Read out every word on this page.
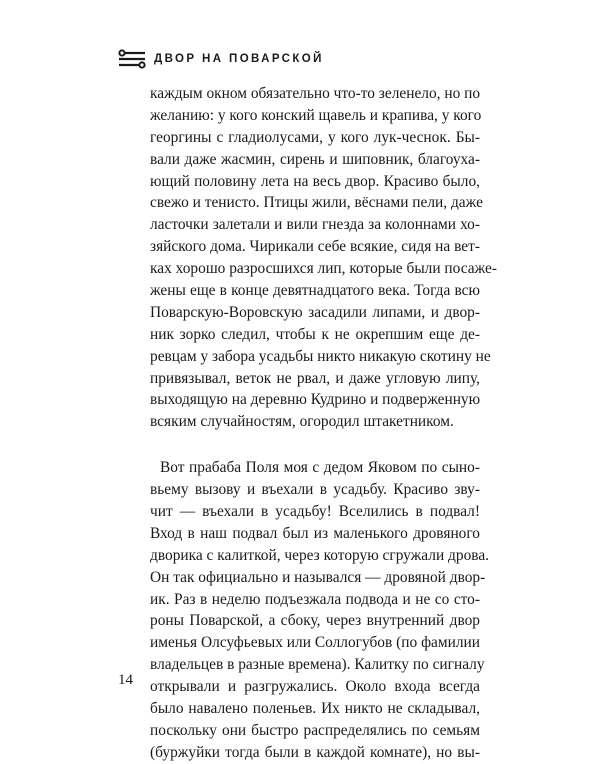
ДВОР НА ПОВАРСКОЙ
каждым окном обязательно что-то зеленело, но по
желанию: у кого конский щавель и крапива, у кого
георгины с гладиолусами, у кого лук-чеснок. Бы-
вали даже жасмин, сирень и шиповник, благоуха-
ющий половину лета на весь двор. Красиво было,
свежо и тенисто. Птицы жили, вёснами пели, даже
ласточки залетали и вили гнезда за колоннами хо-
зяйского дома. Чирикали себе всякие, сидя на вет-
ках хорошо разросшихся лип, которые были посаже-
жены еще в конце девятнадцатого века. Тогда всю
Поварскую-Воровскую засадили липами, и двор-
ник зорко следил, чтобы к не окрепшим еще де-
ревцам у забора усадьбы никто никакую скотину не
привязывал, веток не рвал, и даже угловую липу,
выходящую на деревню Кудрино и подверженную
всяким случайностям, огородил штакетником.
Вот прабаба Поля моя с дедом Яковом по сыно-
вьему вызову и въехали в усадьбу. Красиво зву-
чит — въехали в усадьбу! Вселились в подвал!
Вход в наш подвал был из маленького дровяного
дворика с калиткой, через которую сгружали дрова.
Он так официально и назывался — дровяной двор-
ик. Раз в неделю подъезжала подвода и не со сто-
роны Поварской, а сбоку, через внутренний двор
именья Олсуфьевых или Соллогубов (по фамилии
владельцев в разные времена). Калитку по сигналу
открывали и разгружались. Около входа всегда
было навалено поленьев. Их никто не складывал,
поскольку они быстро распределялись по семьям
(буржуйки тогда были в каждой комнате), но вы-
14
